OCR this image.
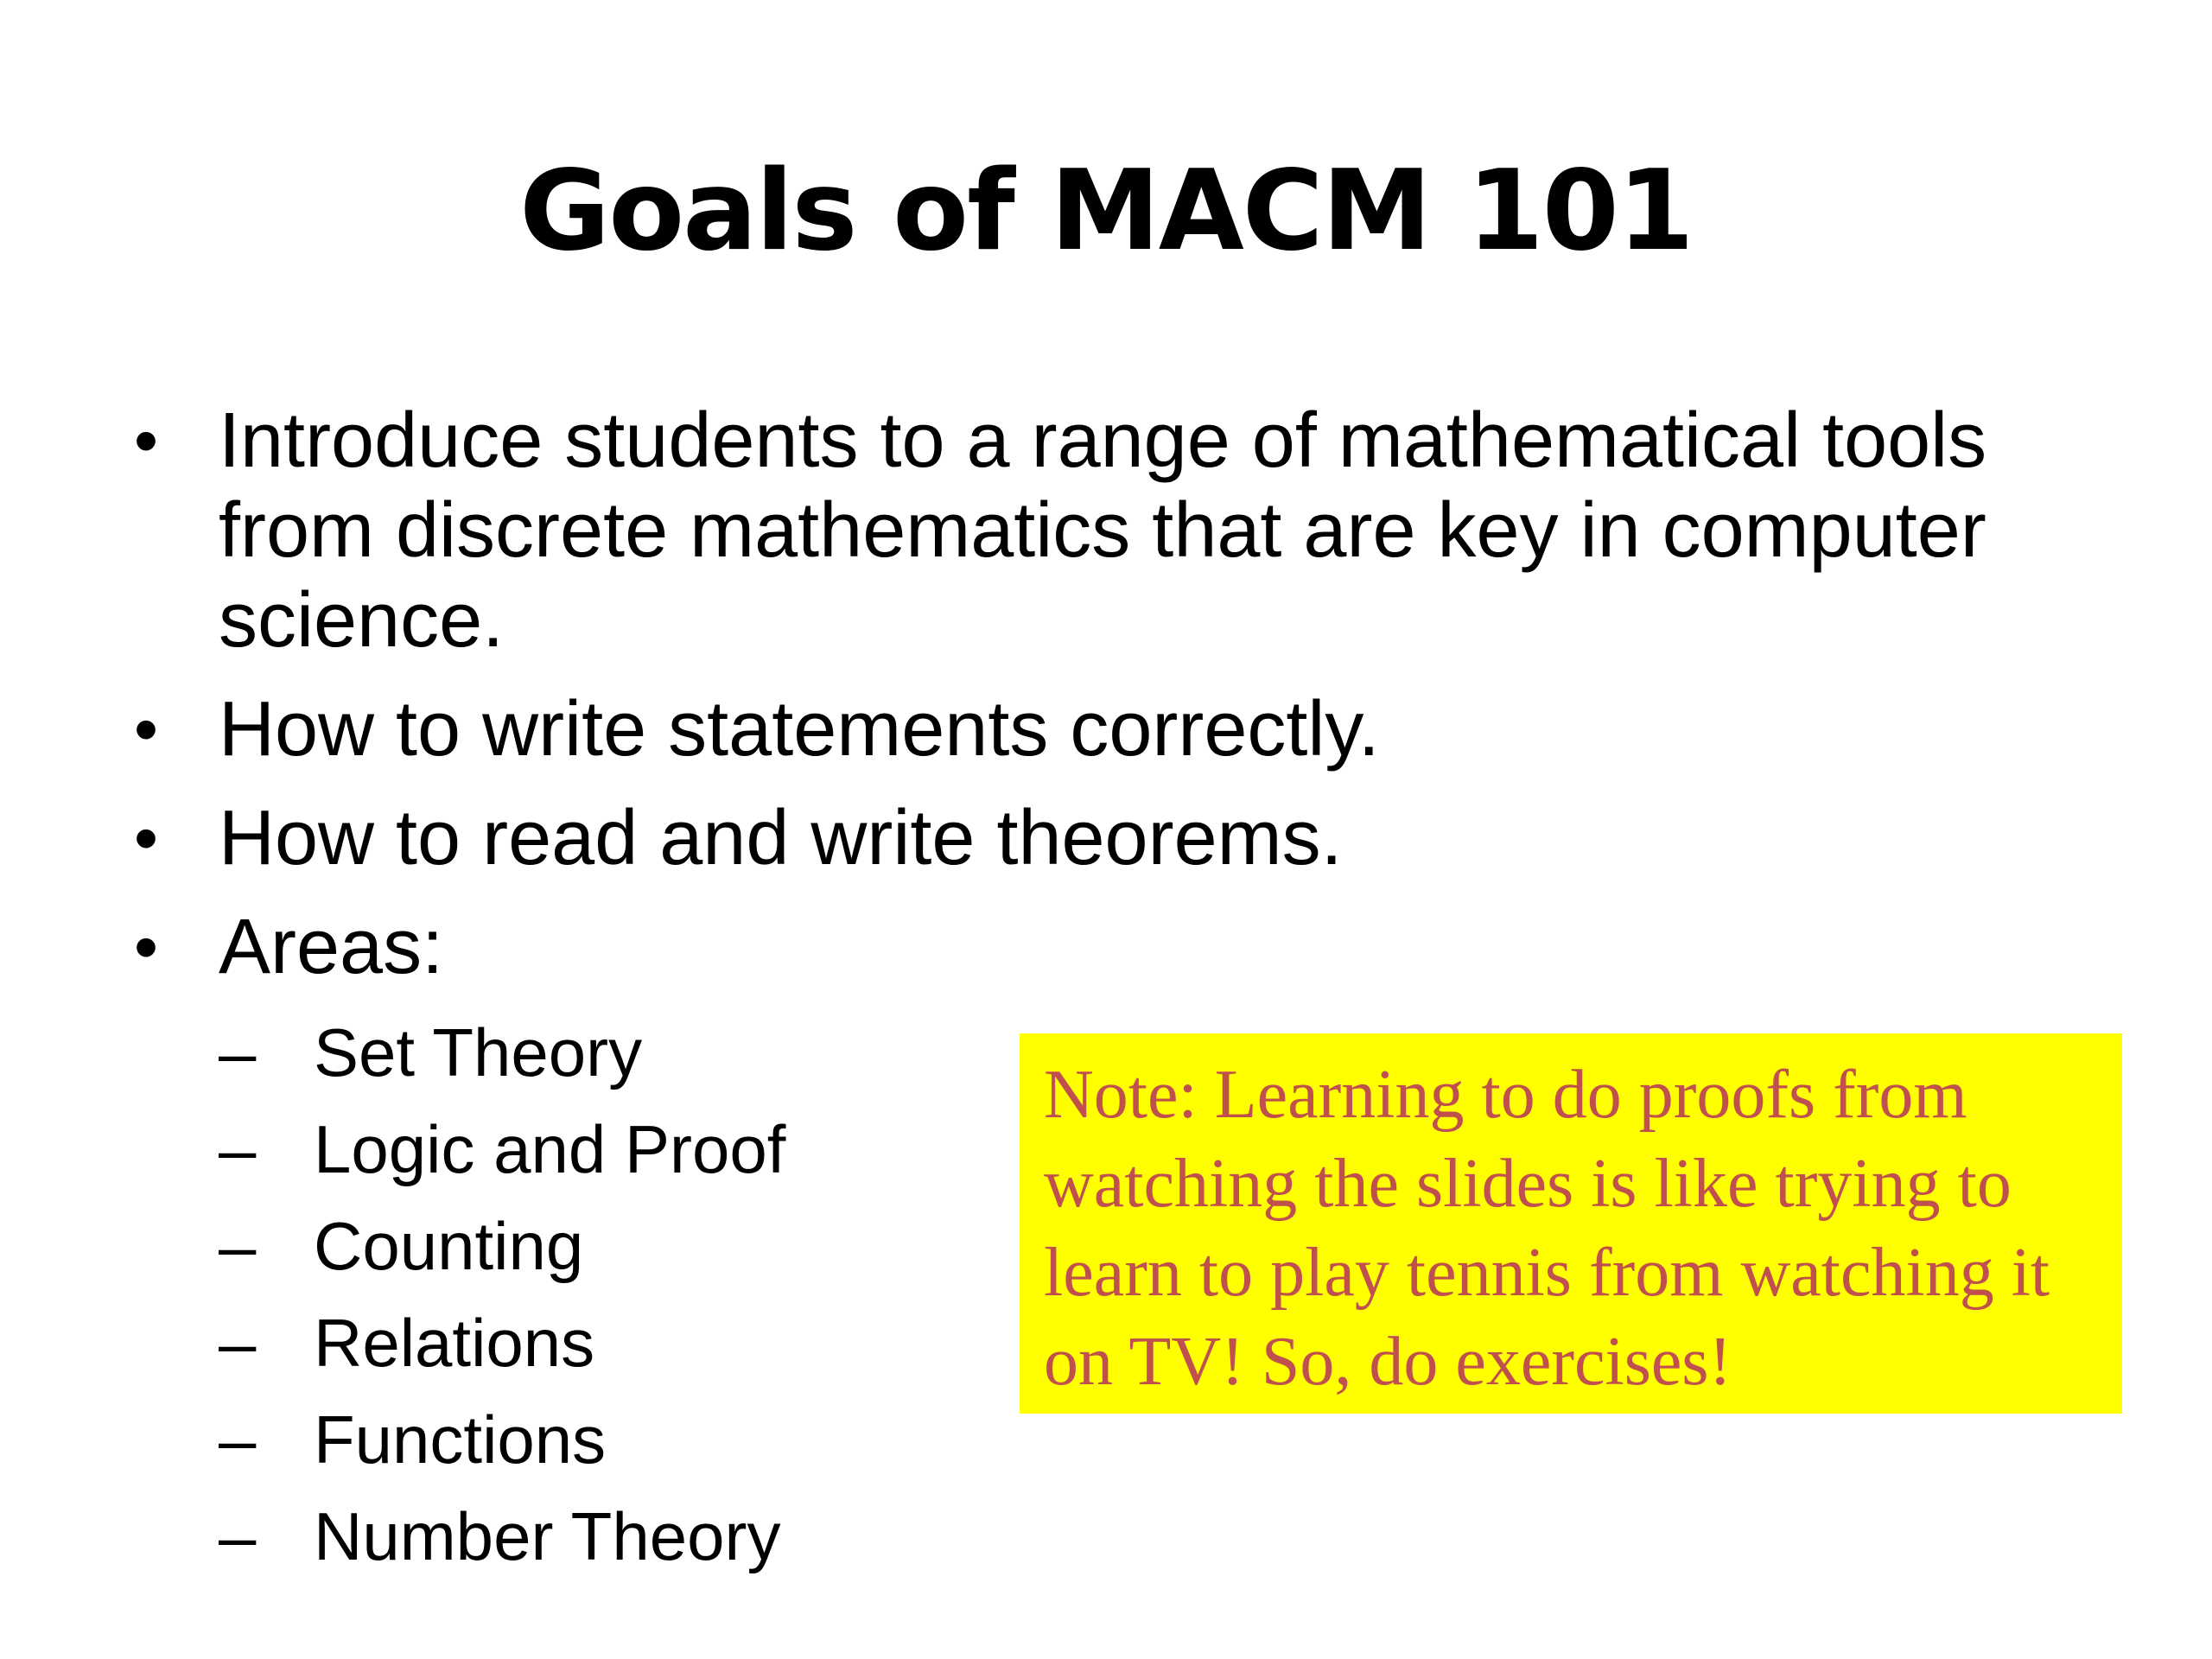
Goals of MACM 101
• Introduce students to a range of mathematical tools from discrete mathematics that are key in computer science.
• How to write statements correctly.
• How to read and write theorems.
• Areas:
– Set Theory
– Logic and Proof
– Counting
– Relations
– Functions
– Number Theory

Note: Learning to do proofs from watching the slides is like trying to learn to play tennis from watching it on TV! So, do exercises!
